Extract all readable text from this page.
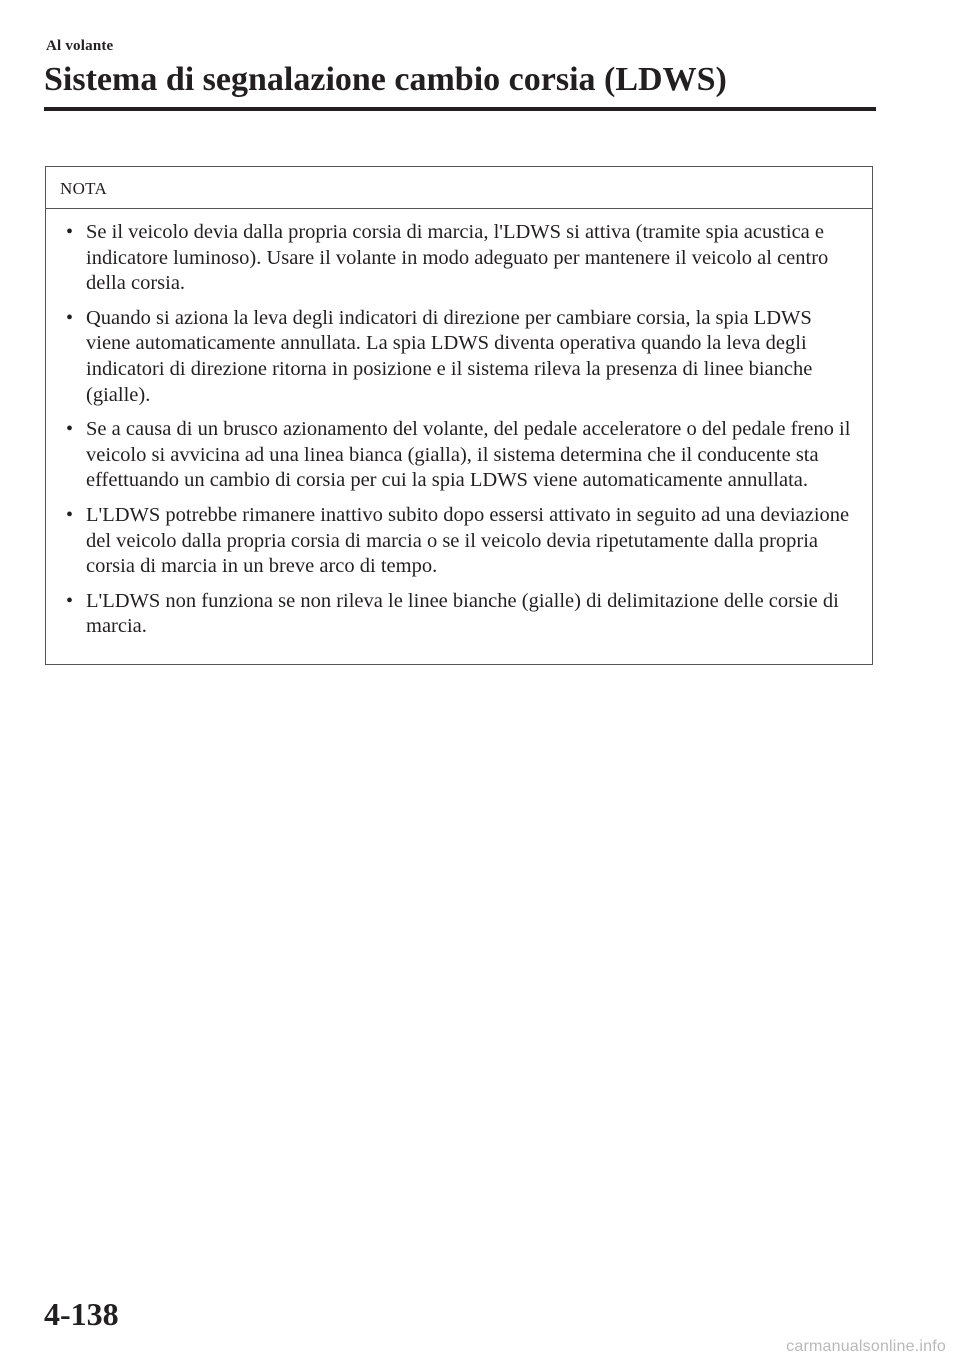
Al volante
Sistema di segnalazione cambio corsia (LDWS)
NOTA
• Se il veicolo devia dalla propria corsia di marcia, l'LDWS si attiva (tramite spia acustica e indicatore luminoso). Usare il volante in modo adeguato per mantenere il veicolo al centro della corsia.
• Quando si aziona la leva degli indicatori di direzione per cambiare corsia, la spia LDWS viene automaticamente annullata. La spia LDWS diventa operativa quando la leva degli indicatori di direzione ritorna in posizione e il sistema rileva la presenza di linee bianche (gialle).
• Se a causa di un brusco azionamento del volante, del pedale acceleratore o del pedale freno il veicolo si avvicina ad una linea bianca (gialla), il sistema determina che il conducente sta effettuando un cambio di corsia per cui la spia LDWS viene automaticamente annullata.
• L'LDWS potrebbe rimanere inattivo subito dopo essersi attivato in seguito ad una deviazione del veicolo dalla propria corsia di marcia o se il veicolo devia ripetutamente dalla propria corsia di marcia in un breve arco di tempo.
• L'LDWS non funziona se non rileva le linee bianche (gialle) di delimitazione delle corsie di marcia.
4-138
carmanualsonline.info
